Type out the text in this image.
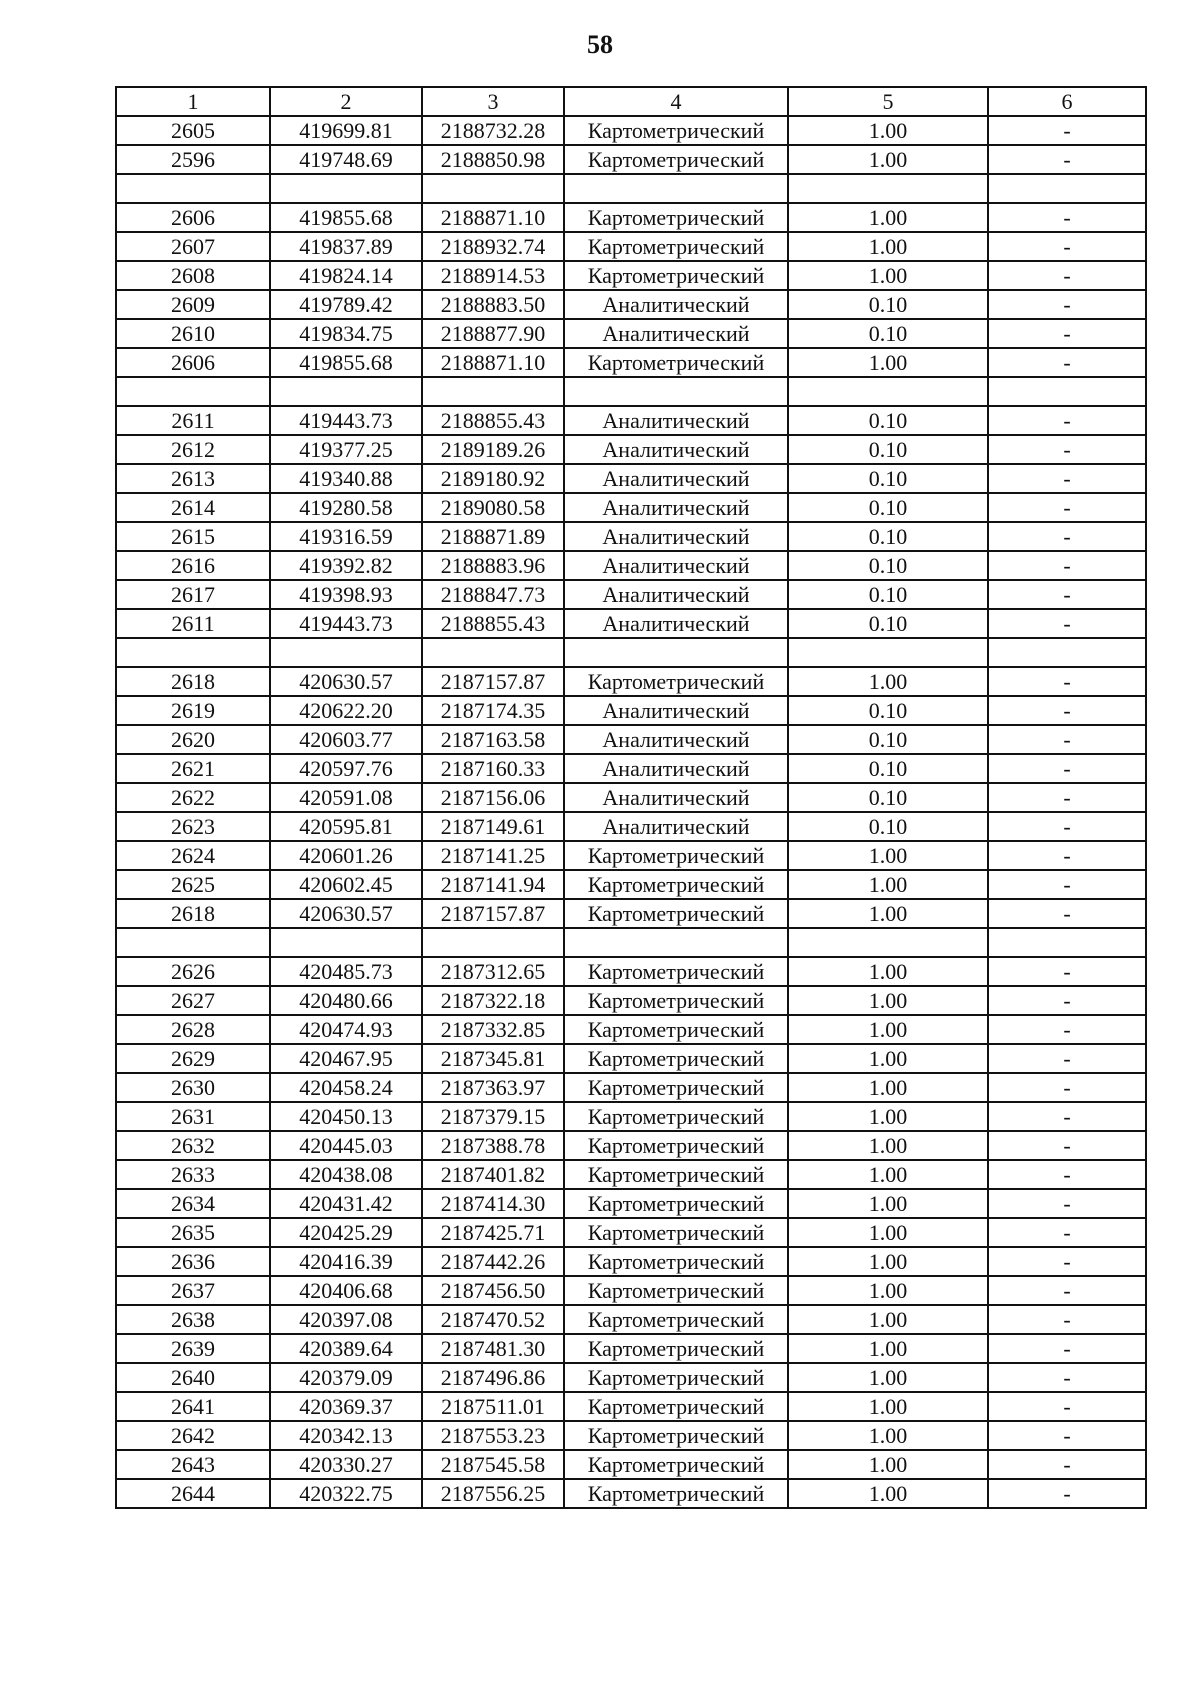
58
1	2	3	4	5	6
2605	419699.81	2188732.28	Картометрический	1.00	-
2596	419748.69	2188850.98	Картометрический	1.00	-

2606	419855.68	2188871.10	Картометрический	1.00	-
2607	419837.89	2188932.74	Картометрический	1.00	-
2608	419824.14	2188914.53	Картометрический	1.00	-
2609	419789.42	2188883.50	Аналитический	0.10	-
2610	419834.75	2188877.90	Аналитический	0.10	-
2606	419855.68	2188871.10	Картометрический	1.00	-

2611	419443.73	2188855.43	Аналитический	0.10	-
2612	419377.25	2189189.26	Аналитический	0.10	-
2613	419340.88	2189180.92	Аналитический	0.10	-
2614	419280.58	2189080.58	Аналитический	0.10	-
2615	419316.59	2188871.89	Аналитический	0.10	-
2616	419392.82	2188883.96	Аналитический	0.10	-
2617	419398.93	2188847.73	Аналитический	0.10	-
2611	419443.73	2188855.43	Аналитический	0.10	-

2618	420630.57	2187157.87	Картометрический	1.00	-
2619	420622.20	2187174.35	Аналитический	0.10	-
2620	420603.77	2187163.58	Аналитический	0.10	-
2621	420597.76	2187160.33	Аналитический	0.10	-
2622	420591.08	2187156.06	Аналитический	0.10	-
2623	420595.81	2187149.61	Аналитический	0.10	-
2624	420601.26	2187141.25	Картометрический	1.00	-
2625	420602.45	2187141.94	Картометрический	1.00	-
2618	420630.57	2187157.87	Картометрический	1.00	-

2626	420485.73	2187312.65	Картометрический	1.00	-
2627	420480.66	2187322.18	Картометрический	1.00	-
2628	420474.93	2187332.85	Картометрический	1.00	-
2629	420467.95	2187345.81	Картометрический	1.00	-
2630	420458.24	2187363.97	Картометрический	1.00	-
2631	420450.13	2187379.15	Картометрический	1.00	-
2632	420445.03	2187388.78	Картометрический	1.00	-
2633	420438.08	2187401.82	Картометрический	1.00	-
2634	420431.42	2187414.30	Картометрический	1.00	-
2635	420425.29	2187425.71	Картометрический	1.00	-
2636	420416.39	2187442.26	Картометрический	1.00	-
2637	420406.68	2187456.50	Картометрический	1.00	-
2638	420397.08	2187470.52	Картометрический	1.00	-
2639	420389.64	2187481.30	Картометрический	1.00	-
2640	420379.09	2187496.86	Картометрический	1.00	-
2641	420369.37	2187511.01	Картометрический	1.00	-
2642	420342.13	2187553.23	Картометрический	1.00	-
2643	420330.27	2187545.58	Картометрический	1.00	-
2644	420322.75	2187556.25	Картометрический	1.00	-
